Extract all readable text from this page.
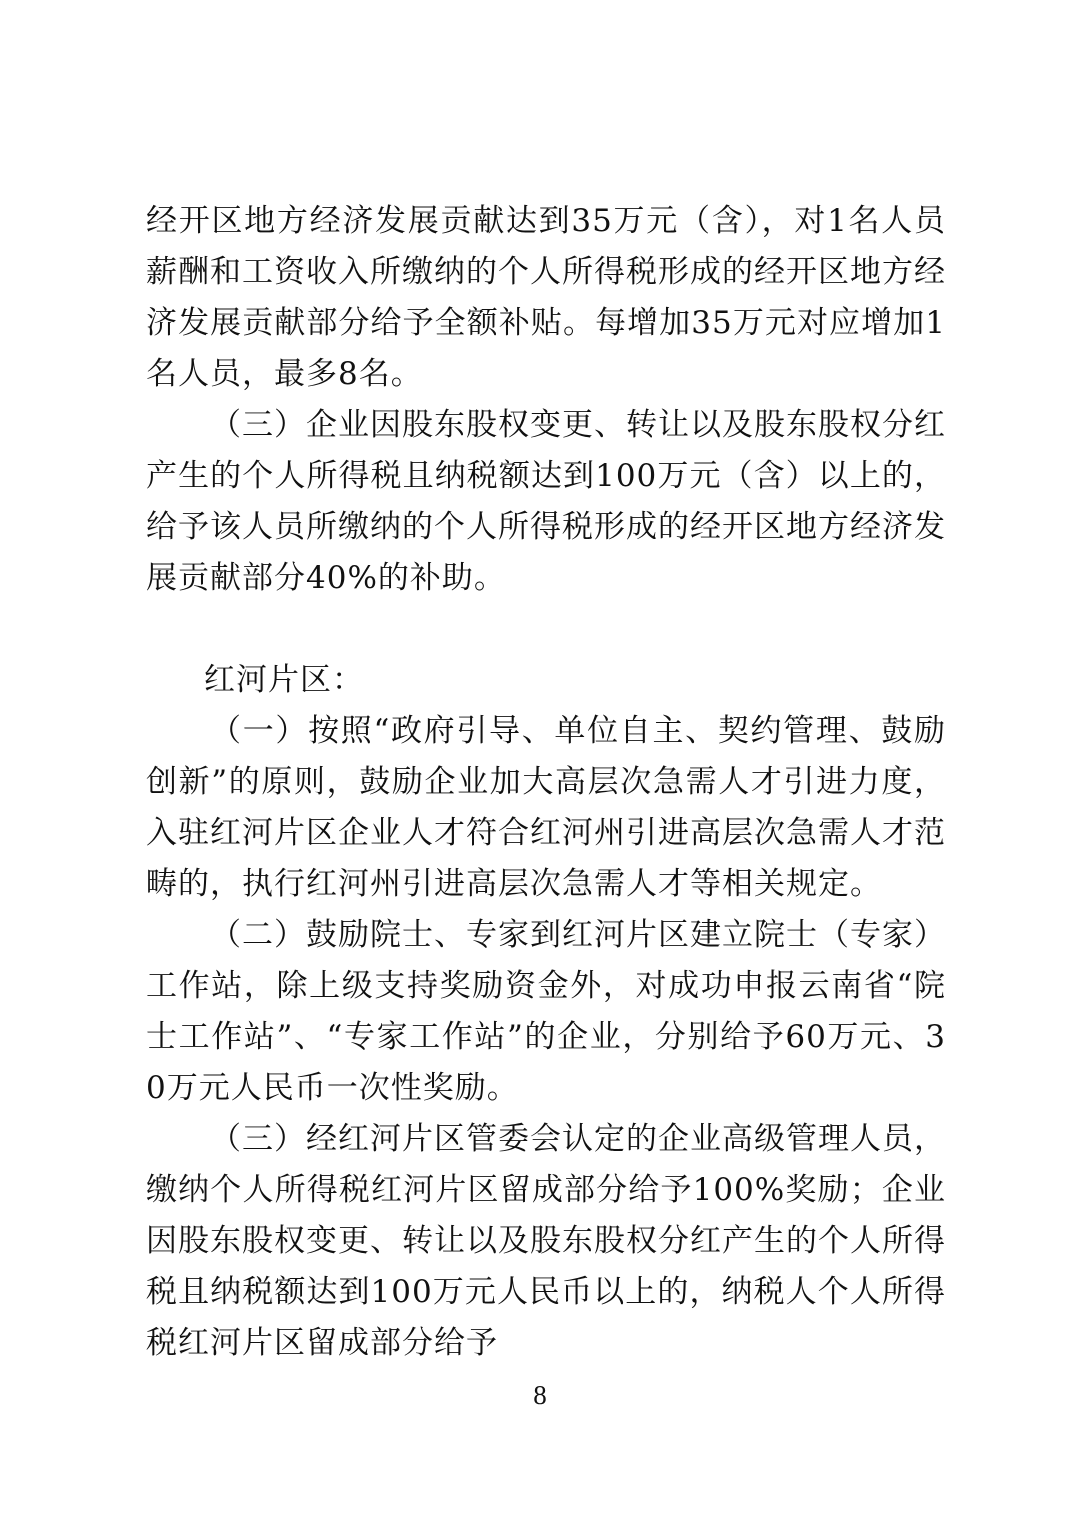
经开区地方经济发展贡献达到35万元（含），对1名人员薪酬和工资收入所缴纳的个人所得税形成的经开区地方经济发展贡献部分给予全额补贴。每增加35万元对应增加1名人员，最多8名。

（三）企业因股东股权变更、转让以及股东股权分红产生的个人所得税且纳税额达到100万元（含）以上的，给予该人员所缴纳的个人所得税形成的经开区地方经济发展贡献部分40%的补助。

红河片区：

（一）按照“政府引导、单位自主、契约管理、鼓励创新”的原则，鼓励企业加大高层次急需人才引进力度，入驻红河片区企业人才符合红河州引进高层次急需人才范畴的，执行红河州引进高层次急需人才等相关规定。

（二）鼓励院士、专家到红河片区建立院士（专家）工作站，除上级支持奖励资金外，对成功申报云南省“院士工作站”、“专家工作站”的企业，分别给予60万元、30万元人民币一次性奖励。

（三）经红河片区管委会认定的企业高级管理人员，缴纳个人所得税红河片区留成部分给予100%奖励；企业因股东股权变更、转让以及股东股权分红产生的个人所得税且纳税额达到100万元人民币以上的，纳税人个人所得税红河片区留成部分给予

8
